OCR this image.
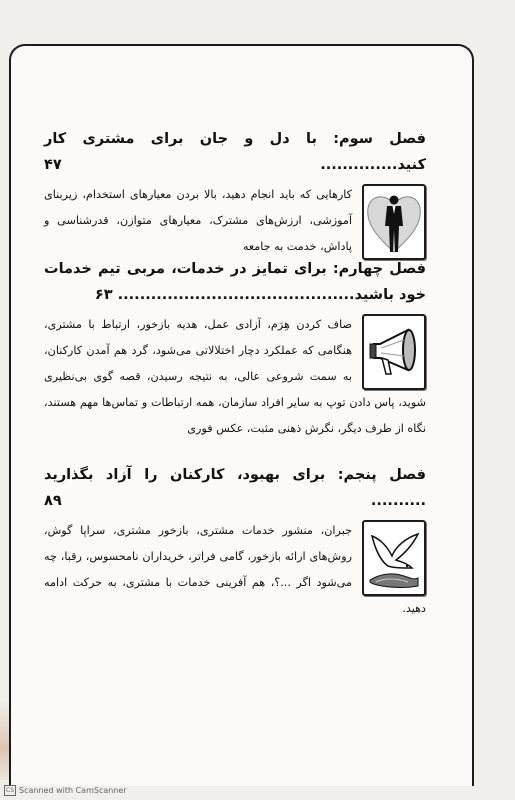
فصل سوم: با دل و جان برای مشتری کار کنید.............. ۴۷

کارهایی که باید انجام دهید، بالا بردن معیارهای استخدام، زیربنای آموزشی، ارزش‌های مشترک، معیارهای متوازن، قدرشناسی و پاداش، خدمت به جامعه

فصل چهارم: برای تمایز در خدمات، مربی تیم خدمات خود باشید........................................... ۶۳

صاف کردن هِرَم، آزادی عمل، هدیه بازخور، ارتباط با مشتری، هنگامی که عملکرد دچار اختلالاتی می‌شود، گرد هم آمدن کارکنان، به سمت شروعی عالی، به نتیجه رسیدن، قصه گوی بی‌نظیری شوید، پاس دادن توپ به سایر افراد سازمان، همه ارتباطات و تماس‌ها مهم هستند، نگاه از طرف دیگر، نگرش ذهنی مثبت، عکس فوری

فصل پنجم: برای بهبود، کارکنان را آزاد بگذارید .......... ۸۹

جبران، منشور خدمات مشتری، بازخور مشتری، سراپا گوش، روش‌های ارائه بازخور، گامی فراتر، خریداران نامحسوس، رقبا، چه می‌شود اگر ...؟، هم آفرینی خدمات با مشتری، به حرکت ادامه دهید.

CS Scanned with CamScanner
